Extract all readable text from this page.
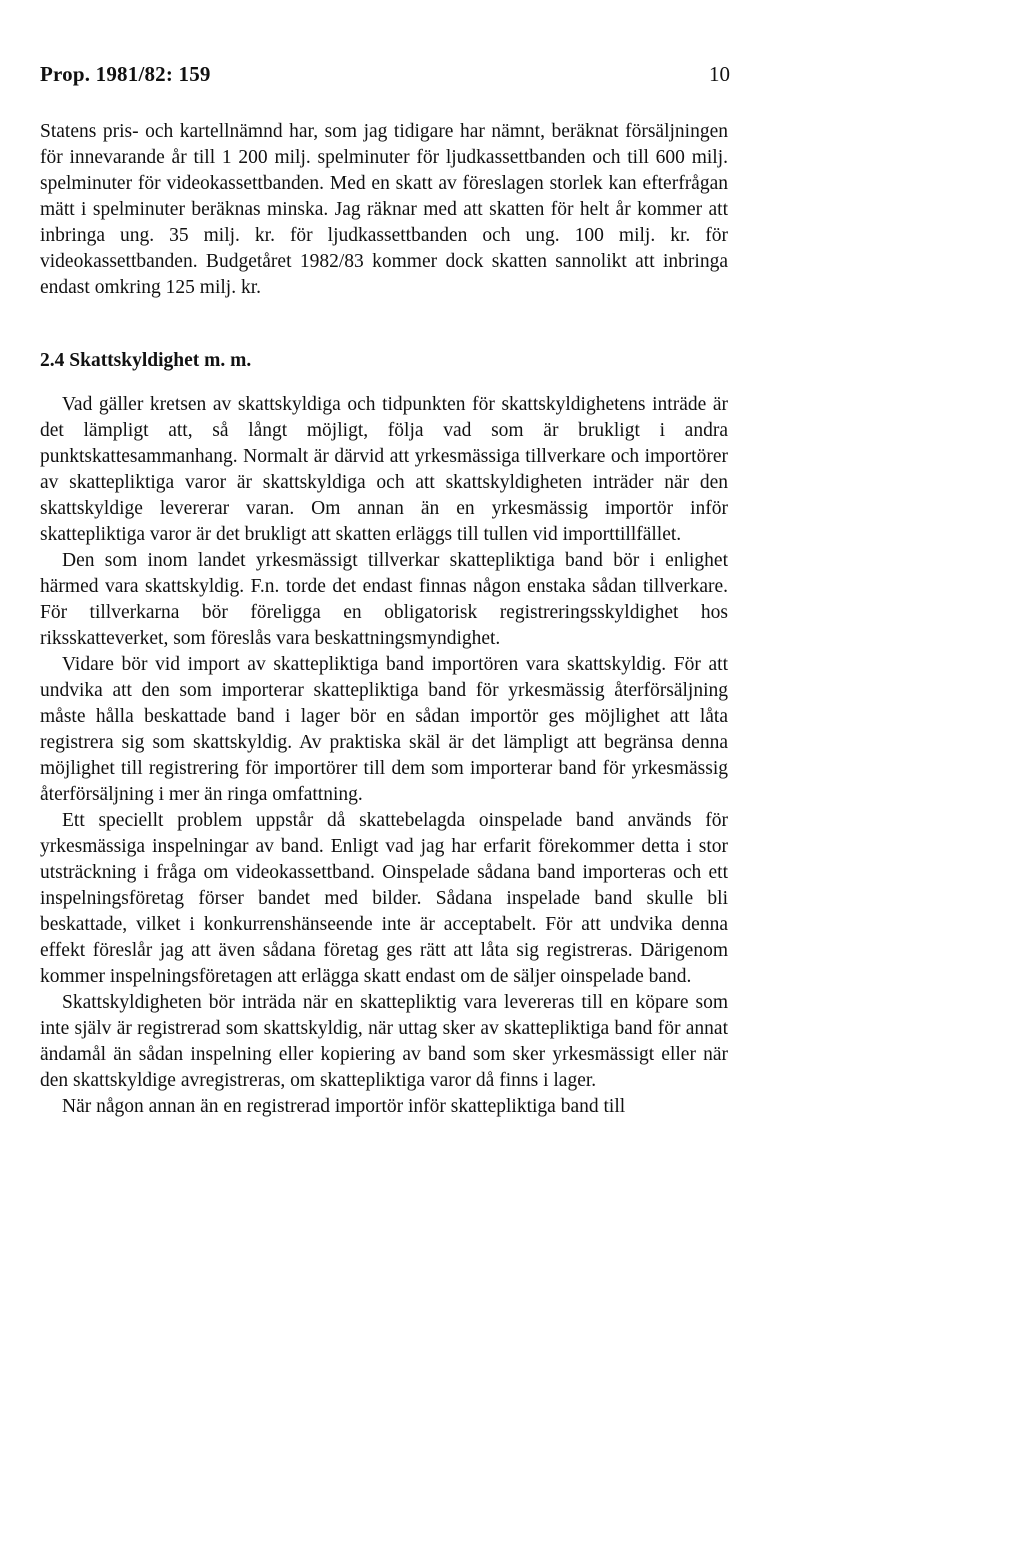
Prop. 1981/82: 159	10

Statens pris- och kartellnämnd har, som jag tidigare har nämnt, beräknat försäljningen för innevarande år till 1 200 milj. spelminuter för ljudkassettbanden och till 600 milj. spelminuter för videokassettbanden. Med en skatt av föreslagen storlek kan efterfrågan mätt i spelminuter beräknas minska. Jag räknar med att skatten för helt år kommer att inbringa ung. 35 milj. kr. för ljudkassettbanden och ung. 100 milj. kr. för videokassettbanden. Budgetåret 1982/83 kommer dock skatten sannolikt att inbringa endast omkring 125 milj. kr.

2.4 Skattskyldighet m. m.

Vad gäller kretsen av skattskyldiga och tidpunkten för skattskyldighetens inträde är det lämpligt att, så långt möjligt, följa vad som är brukligt i andra punktskattesammanhang. Normalt är därvid att yrkesmässiga tillverkare och importörer av skattepliktiga varor är skattskyldiga och att skattskyldigheten inträder när den skattskyldige levererar varan. Om annan än en yrkesmässig importör inför skattepliktiga varor är det brukligt att skatten erläggs till tullen vid importtillfället.

Den som inom landet yrkesmässigt tillverkar skattepliktiga band bör i enlighet härmed vara skattskyldig. F.n. torde det endast finnas någon enstaka sådan tillverkare. För tillverkarna bör föreligga en obligatorisk registreringsskyldighet hos riksskatteverket, som föreslås vara beskattningsmyndighet.

Vidare bör vid import av skattepliktiga band importören vara skattskyldig. För att undvika att den som importerar skattepliktiga band för yrkesmässig återförsäljning måste hålla beskattade band i lager bör en sådan importör ges möjlighet att låta registrera sig som skattskyldig. Av praktiska skäl är det lämpligt att begränsa denna möjlighet till registrering för importörer till dem som importerar band för yrkesmässig återförsäljning i mer än ringa omfattning.

Ett speciellt problem uppstår då skattebelagda oinspelade band används för yrkesmässiga inspelningar av band. Enligt vad jag har erfarit förekommer detta i stor utsträckning i fråga om videokassettband. Oinspelade sådana band importeras och ett inspelningsföretag förser bandet med bilder. Sådana inspelade band skulle bli beskattade, vilket i konkurrenshänseende inte är acceptabelt. För att undvika denna effekt föreslår jag att även sådana företag ges rätt att låta sig registreras. Därigenom kommer inspelningsföretagen att erlägga skatt endast om de säljer oinspelade band.

Skattskyldigheten bör inträda när en skattepliktig vara levereras till en köpare som inte själv är registrerad som skattskyldig, när uttag sker av skattepliktiga band för annat ändamål än sådan inspelning eller kopiering av band som sker yrkesmässigt eller när den skattskyldige avregistreras, om skattepliktiga varor då finns i lager.

När någon annan än en registrerad importör inför skattepliktiga band till
